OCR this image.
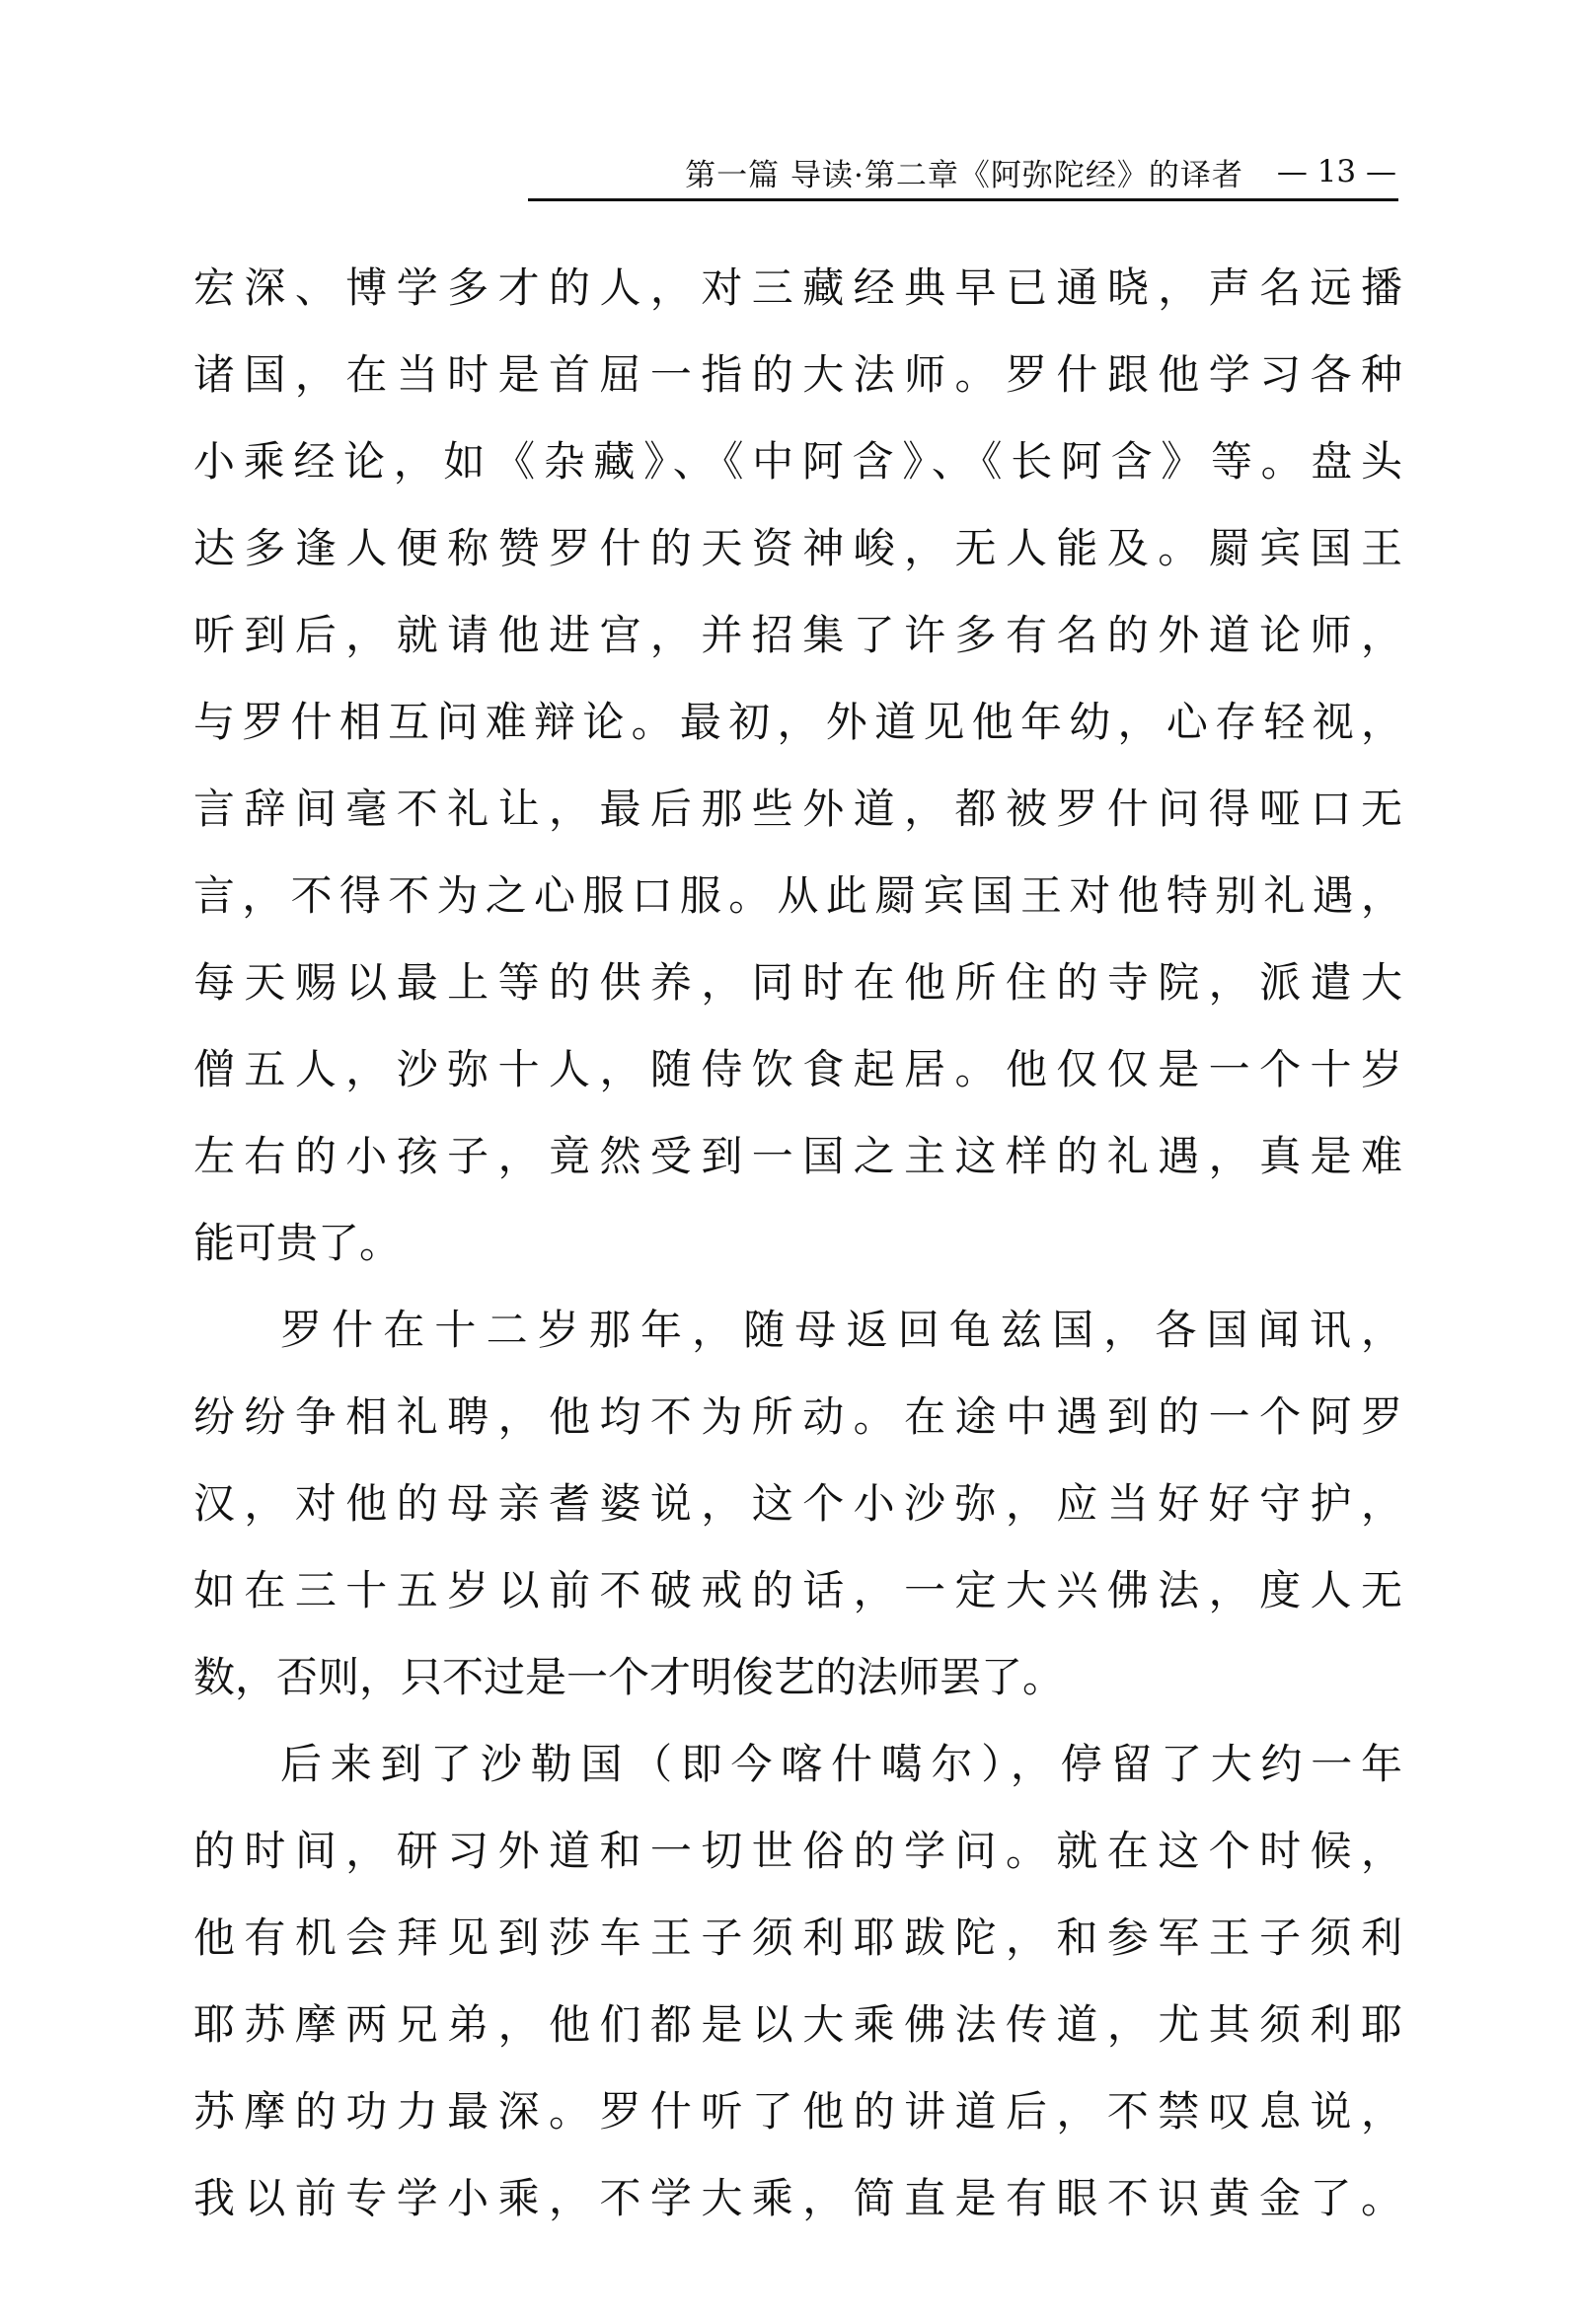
第一篇 导读·第二章《阿弥陀经》的译者 — 13 —
宏深、博学多才的人，对三藏经典早已通晓，声名远播
诸国，在当时是首屈一指的大法师。罗什跟他学习各种
小乘经论，如《杂藏》、《中阿含》、《长阿含》等。盘头
达多逢人便称赞罗什的天资神峻，无人能及。罽宾国王
听到后，就请他进宫，并招集了许多有名的外道论师，
与罗什相互问难辩论。最初，外道见他年幼，心存轻视，
言辞间毫不礼让，最后那些外道，都被罗什问得哑口无
言，不得不为之心服口服。从此罽宾国王对他特别礼遇，
每天赐以最上等的供养，同时在他所住的寺院，派遣大
僧五人，沙弥十人，随侍饮食起居。他仅仅是一个十岁
左右的小孩子，竟然受到一国之主这样的礼遇，真是难
能可贵了。
罗什在十二岁那年，随母返回龟兹国，各国闻讯，
纷纷争相礼聘，他均不为所动。在途中遇到的一个阿罗
汉，对他的母亲耆婆说，这个小沙弥，应当好好守护，
如在三十五岁以前不破戒的话，一定大兴佛法，度人无
数，否则，只不过是一个才明俊艺的法师罢了。
后来到了沙勒国（即今喀什噶尔），停留了大约一年
的时间，研习外道和一切世俗的学问。就在这个时候，
他有机会拜见到莎车王子须利耶跋陀，和参军王子须利
耶苏摩两兄弟，他们都是以大乘佛法传道，尤其须利耶
苏摩的功力最深。罗什听了他的讲道后，不禁叹息说，
我以前专学小乘，不学大乘，简直是有眼不识黄金了。
